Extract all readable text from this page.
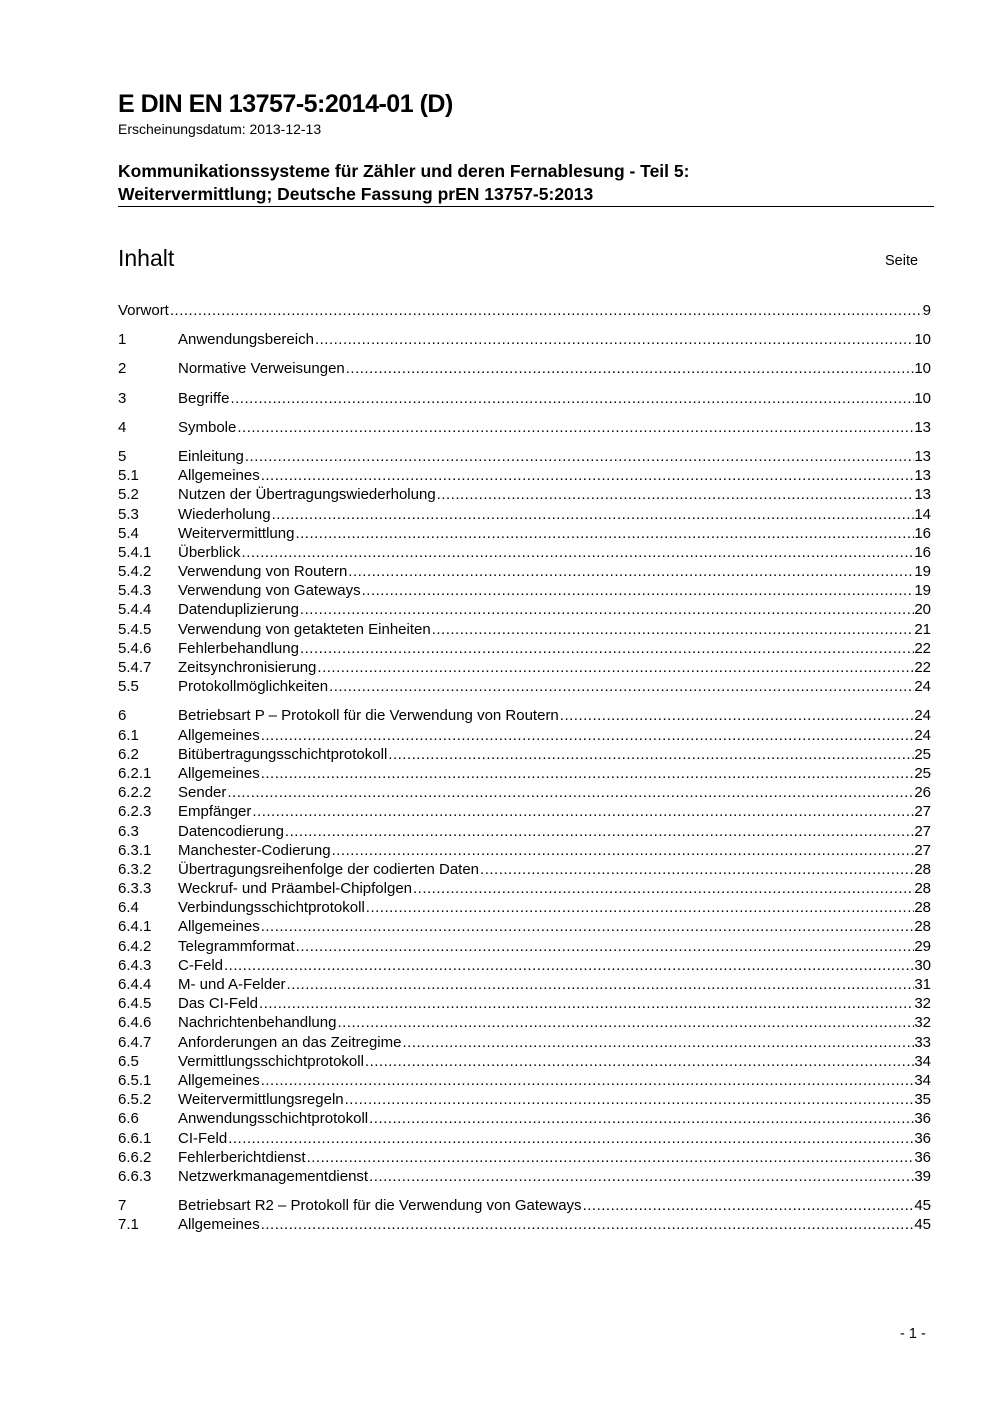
E DIN EN 13757-5:2014-01 (D)
Erscheinungsdatum: 2013-12-13
Kommunikationssysteme für Zähler und deren Fernablesung - Teil 5:
Weitervermittlung; Deutsche Fassung prEN 13757-5:2013
Inhalt	Seite
Vorwort .....	9
1	Anwendungsbereich .....	10
2	Normative Verweisungen .....	10
3	Begriffe .....	10
4	Symbole .....	13
5	Einleitung .....	13
5.1	Allgemeines .....	13
5.2	Nutzen der Übertragungswiederholung .....	13
5.3	Wiederholung .....	14
5.4	Weitervermittlung .....	16
5.4.1	Überblick .....	16
5.4.2	Verwendung von Routern .....	19
5.4.3	Verwendung von Gateways .....	19
5.4.4	Datenduplizierung .....	20
5.4.5	Verwendung von getakteten Einheiten .....	21
5.4.6	Fehlerbehandlung .....	22
5.4.7	Zeitsynchronisierung .....	22
5.5	Protokollmöglichkeiten .....	24
6	Betriebsart P – Protokoll für die Verwendung von Routern .....	24
6.1	Allgemeines .....	24
6.2	Bitübertragungsschichtprotokoll .....	25
6.2.1	Allgemeines .....	25
6.2.2	Sender .....	26
6.2.3	Empfänger .....	27
6.3	Datencodierung .....	27
6.3.1	Manchester-Codierung .....	27
6.3.2	Übertragungsreihenfolge der codierten Daten .....	28
6.3.3	Weckruf- und Präambel-Chipfolgen .....	28
6.4	Verbindungsschichtprotokoll .....	28
6.4.1	Allgemeines .....	28
6.4.2	Telegrammformat .....	29
6.4.3	C-Feld .....	30
6.4.4	M- und A-Felder .....	31
6.4.5	Das CI-Feld .....	32
6.4.6	Nachrichtenbehandlung .....	32
6.4.7	Anforderungen an das Zeitregime .....	33
6.5	Vermittlungsschichtprotokoll .....	34
6.5.1	Allgemeines .....	34
6.5.2	Weitervermittlungsregeln .....	35
6.6	Anwendungsschichtprotokoll .....	36
6.6.1	CI-Feld .....	36
6.6.2	Fehlerberichtdienst .....	36
6.6.3	Netzwerkmanagementdienst .....	39
7	Betriebsart R2 – Protokoll für die Verwendung von Gateways .....	45
7.1	Allgemeines .....	45
- 1 -
